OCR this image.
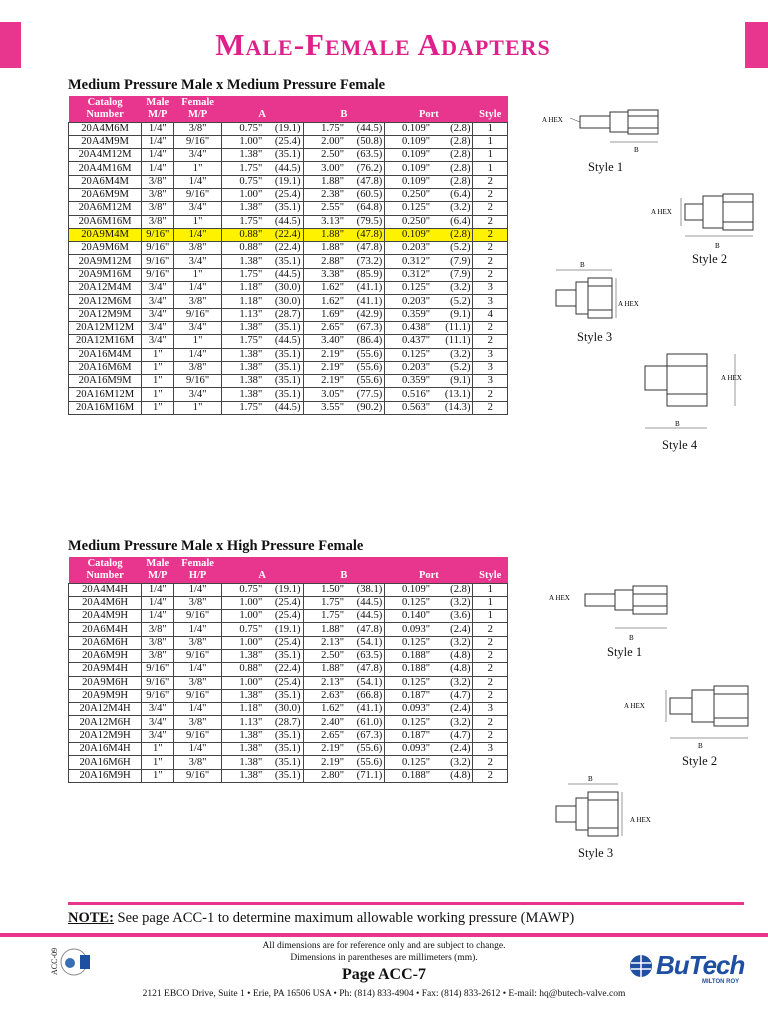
Male-Female Adapters
Medium Pressure Male x Medium Pressure Female
Catalog	Male	Female							
Number	M/P	M/P	A		B		Port		Style
20A4M6M	1/4"	3/8"	0.75"	(19.1)	1.75"	(44.5)	0.109"	(2.8)	1
20A4M9M	1/4"	9/16"	1.00"	(25.4)	2.00"	(50.8)	0.109"	(2.8)	1
20A4M12M	1/4"	3/4"	1.38"	(35.1)	2.50"	(63.5)	0.109"	(2.8)	1
20A4M16M	1/4"	1"	1.75"	(44.5)	3.00"	(76.2)	0.109"	(2.8)	1
20A6M4M	3/8"	1/4"	0.75"	(19.1)	1.88"	(47.8)	0.109"	(2.8)	2
20A6M9M	3/8"	9/16"	1.00"	(25.4)	2.38"	(60.5)	0.250"	(6.4)	2
20A6M12M	3/8"	3/4"	1.38"	(35.1)	2.55"	(64.8)	0.125"	(3.2)	2
20A6M16M	3/8"	1"	1.75"	(44.5)	3.13"	(79.5)	0.250"	(6.4)	2
20A9M4M	9/16"	1/4"	0.88"	(22.4)	1.88"	(47.8)	0.109"	(2.8)	2
20A9M6M	9/16"	3/8"	0.88"	(22.4)	1.88"	(47.8)	0.203"	(5.2)	2
20A9M12M	9/16"	3/4"	1.38"	(35.1)	2.88"	(73.2)	0.312"	(7.9)	2
20A9M16M	9/16"	1"	1.75"	(44.5)	3.38"	(85.9)	0.312"	(7.9)	2
20A12M4M	3/4"	1/4"	1.18"	(30.0)	1.62"	(41.1)	0.125"	(3.2)	3
20A12M6M	3/4"	3/8"	1.18"	(30.0)	1.62"	(41.1)	0.203"	(5.2)	3
20A12M9M	3/4"	9/16"	1.13"	(28.7)	1.69"	(42.9)	0.359"	(9.1)	4
20A12M12M	3/4"	3/4"	1.38"	(35.1)	2.65"	(67.3)	0.438"	(11.1)	2
20A12M16M	3/4"	1"	1.75"	(44.5)	3.40"	(86.4)	0.437"	(11.1)	2
20A16M4M	1"	1/4"	1.38"	(35.1)	2.19"	(55.6)	0.125"	(3.2)	3
20A16M6M	1"	3/8"	1.38"	(35.1)	2.19"	(55.6)	0.203"	(5.2)	3
20A16M9M	1"	9/16"	1.38"	(35.1)	2.19"	(55.6)	0.359"	(9.1)	3
20A16M12M	1"	3/4"	1.38"	(35.1)	3.05"	(77.5)	0.516"	(13.1)	2
20A16M16M	1"	1"	1.75"	(44.5)	3.55"	(90.2)	0.563"	(14.3)	2
A HEX
B
Style 1
A HEX
B
Style 2
B
A HEX
Style 3
A HEX
B
Style 4
Medium Pressure Male x High Pressure Female
Catalog	Male	Female							
Number	M/P	H/P	A		B		Port		Style
20A4M4H	1/4"	1/4"	0.75"	(19.1)	1.50"	(38.1)	0.109"	(2.8)	1
20A4M6H	1/4"	3/8"	1.00"	(25.4)	1.75"	(44.5)	0.125"	(3.2)	1
20A4M9H	1/4"	9/16"	1.00"	(25.4)	1.75"	(44.5)	0.140"	(3.6)	1
20A6M4H	3/8"	1/4"	0.75"	(19.1)	1.88"	(47.8)	0.093"	(2.4)	2
20A6M6H	3/8"	3/8"	1.00"	(25.4)	2.13"	(54.1)	0.125"	(3.2)	2
20A6M9H	3/8"	9/16"	1.38"	(35.1)	2.50"	(63.5)	0.188"	(4.8)	2
20A9M4H	9/16"	1/4"	0.88"	(22.4)	1.88"	(47.8)	0.188"	(4.8)	2
20A9M6H	9/16"	3/8"	1.00"	(25.4)	2.13"	(54.1)	0.125"	(3.2)	2
20A9M9H	9/16"	9/16"	1.38"	(35.1)	2.63"	(66.8)	0.187"	(4.7)	2
20A12M4H	3/4"	1/4"	1.18"	(30.0)	1.62"	(41.1)	0.093"	(2.4)	3
20A12M6H	3/4"	3/8"	1.13"	(28.7)	2.40"	(61.0)	0.125"	(3.2)	2
20A12M9H	3/4"	9/16"	1.38"	(35.1)	2.65"	(67.3)	0.187"	(4.7)	2
20A16M4H	1"	1/4"	1.38"	(35.1)	2.19"	(55.6)	0.093"	(2.4)	3
20A16M6H	1"	3/8"	1.38"	(35.1)	2.19"	(55.6)	0.125"	(3.2)	2
20A16M9H	1"	9/16"	1.38"	(35.1)	2.80"	(71.1)	0.188"	(4.8)	2
A HEX
B
Style 1
A HEX
B
Style 2
B
A HEX
Style 3
NOTE: See page ACC-1 to determine maximum allowable working pressure (MAWP)
ACC-09
All dimensions are for reference only and are subject to change.
Dimensions in parentheses are millimeters (mm).
Page ACC-7
2121 EBCO Drive, Suite 1 • Erie, PA 16506 USA • Ph: (814) 833-4904 • Fax: (814) 833-2612 • E-mail: hq@butech-valve.com
BuTech
MILTON ROY
